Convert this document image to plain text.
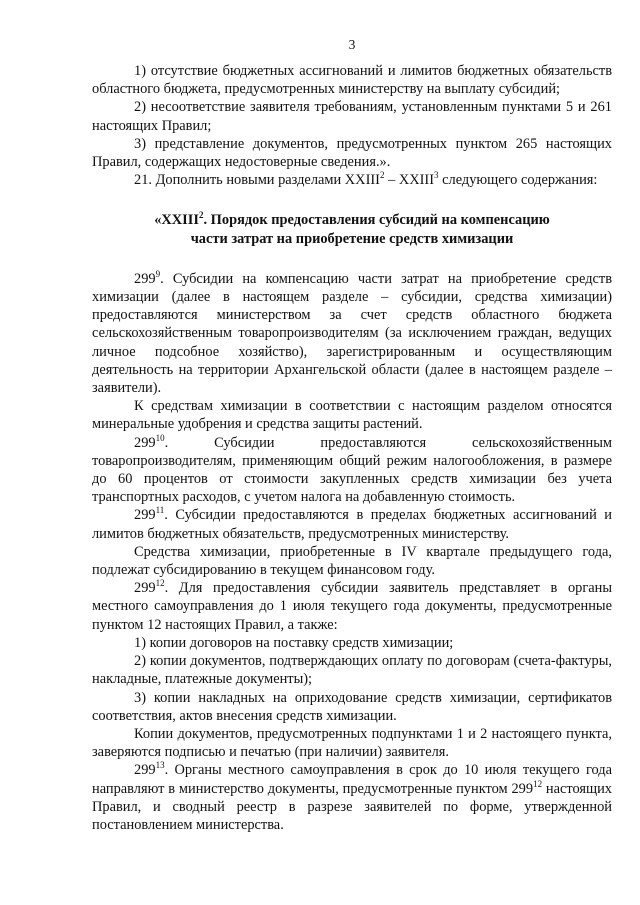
3

1) отсутствие бюджетных ассигнований и лимитов бюджетных обязательств областного бюджета, предусмотренных министерству на выплату субсидий;

2) несоответствие заявителя требованиям, установленным пунктами 5 и 261 настоящих Правил;

3) представление документов, предусмотренных пунктом 265 настоящих Правил, содержащих недостоверные сведения.».

21. Дополнить новыми разделами XXIII$^2$ – XXIII$^3$ следующего содержания:

«XXIII$^2$. Порядок предоставления субсидий на компенсацию
части затрат на приобретение средств химизации

$299^9$. Субсидии на компенсацию части затрат на приобретение средств химизации (далее в настоящем разделе – субсидии, средства химизации) предоставляются министерством за счет средств областного бюджета сельскохозяйственным товаропроизводителям (за исключением граждан, ведущих личное подсобное хозяйство), зарегистрированным и осуществляющим деятельность на территории Архангельской области (далее в настоящем разделе – заявители).

К средствам химизации в соответствии с настоящим разделом относятся минеральные удобрения и средства защиты растений.

$299^{10}$. Субсидии предоставляются сельскохозяйственным товаропроизводителям, применяющим общий режим налогообложения, в размере до 60 процентов от стоимости закупленных средств химизации без учета транспортных расходов, с учетом налога на добавленную стоимость.

$299^{11}$. Субсидии предоставляются в пределах бюджетных ассигнований и лимитов бюджетных обязательств, предусмотренных министерству.

Средства химизации, приобретенные в IV квартале предыдущего года, подлежат субсидированию в текущем финансовом году.

$299^{12}$. Для предоставления субсидии заявитель представляет в органы местного самоуправления до 1 июля текущего года документы, предусмотренные пунктом 12 настоящих Правил, а также:

1) копии договоров на поставку средств химизации;

2) копии документов, подтверждающих оплату по договорам (счета-фактуры, накладные, платежные документы);

3) копии накладных на оприходование средств химизации, сертификатов соответствия, актов внесения средств химизации.

Копии документов, предусмотренных подпунктами 1 и 2 настоящего пункта, заверяются подписью и печатью (при наличии) заявителя.

$299^{13}$. Органы местного самоуправления в срок до 10 июля текущего года направляют в министерство документы, предусмотренные пунктом $299^{12}$ настоящих Правил, и сводный реестр в разрезе заявителей по форме, утвержденной постановлением министерства.
